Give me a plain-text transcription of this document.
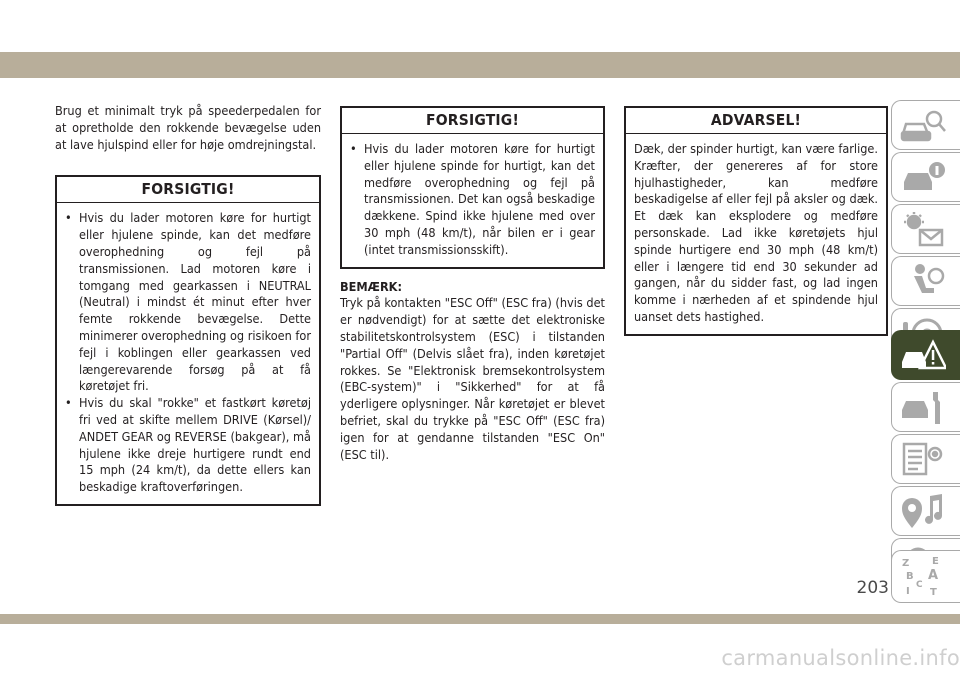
Brug et minimalt tryk på speederpedalen for at opretholde den rokkende bevægelse uden at lave hjulspind eller for høje omdrejningstal.

FORSIGTIG!
• Hvis du lader motoren køre for hurtigt eller hjulene spinde, kan det medføre overophedning og fejl på transmissionen. Lad motoren køre i tomgang med gearkassen i NEUTRAL (Neutral) i mindst ét minut efter hver femte rokkende bevægelse. Dette minimerer overophedning og risikoen for fejl i koblingen eller gearkassen ved længerevarende forsøg på at få køretøjet fri.
• Hvis du skal "rokke" et fastkørt køretøj fri ved at skifte mellem DRIVE (Kørsel)/ ANDET GEAR og REVERSE (bakgear), må hjulene ikke dreje hurtigere rundt end 15 mph (24 km/t), da dette ellers kan beskadige kraftoverføringen.
FORSIGTIG!
• Hvis du lader motoren køre for hurtigt eller hjulene spinde for hurtigt, kan det medføre overophedning og fejl på transmissionen. Det kan også beskadige dækkene. Spind ikke hjulene med over 30 mph (48 km/t), når bilen er i gear (intet transmissionsskift).
BEMÆRK:

Tryk på kontakten "ESC Off" (ESC fra) (hvis det er nødvendigt) for at sætte det elektroniske stabilitetskontrolsystem (ESC) i tilstanden "Partial Off" (Delvis slået fra), inden køretøjet rokkes. Se "Elektronisk bremsekontrolsystem (EBC-system)" i "Sikkerhed" for at få yderligere oplysninger. Når køretøjet er blevet befriet, skal du trykke på "ESC Off" (ESC fra) igen for at gendanne tilstanden "ESC On" (ESC til).

ADVARSEL!

Dæk, der spinder hurtigt, kan være farlige. Kræfter, der genereres af for store hjulhastigheder, kan medføre beskadigelse af eller fejl på aksler og dæk. Et dæk kan eksplodere og medføre personskade. Lad ikke køretøjets hjul spinde hurtigere end 30 mph (48 km/t) eller i længere tid end 30 sekunder ad gangen, når du sidder fast, og lad ingen komme i nærheden af et spindende hjul uanset dets hastighed.

Z E
B A
C
I T
203
carmanualsonline.info
